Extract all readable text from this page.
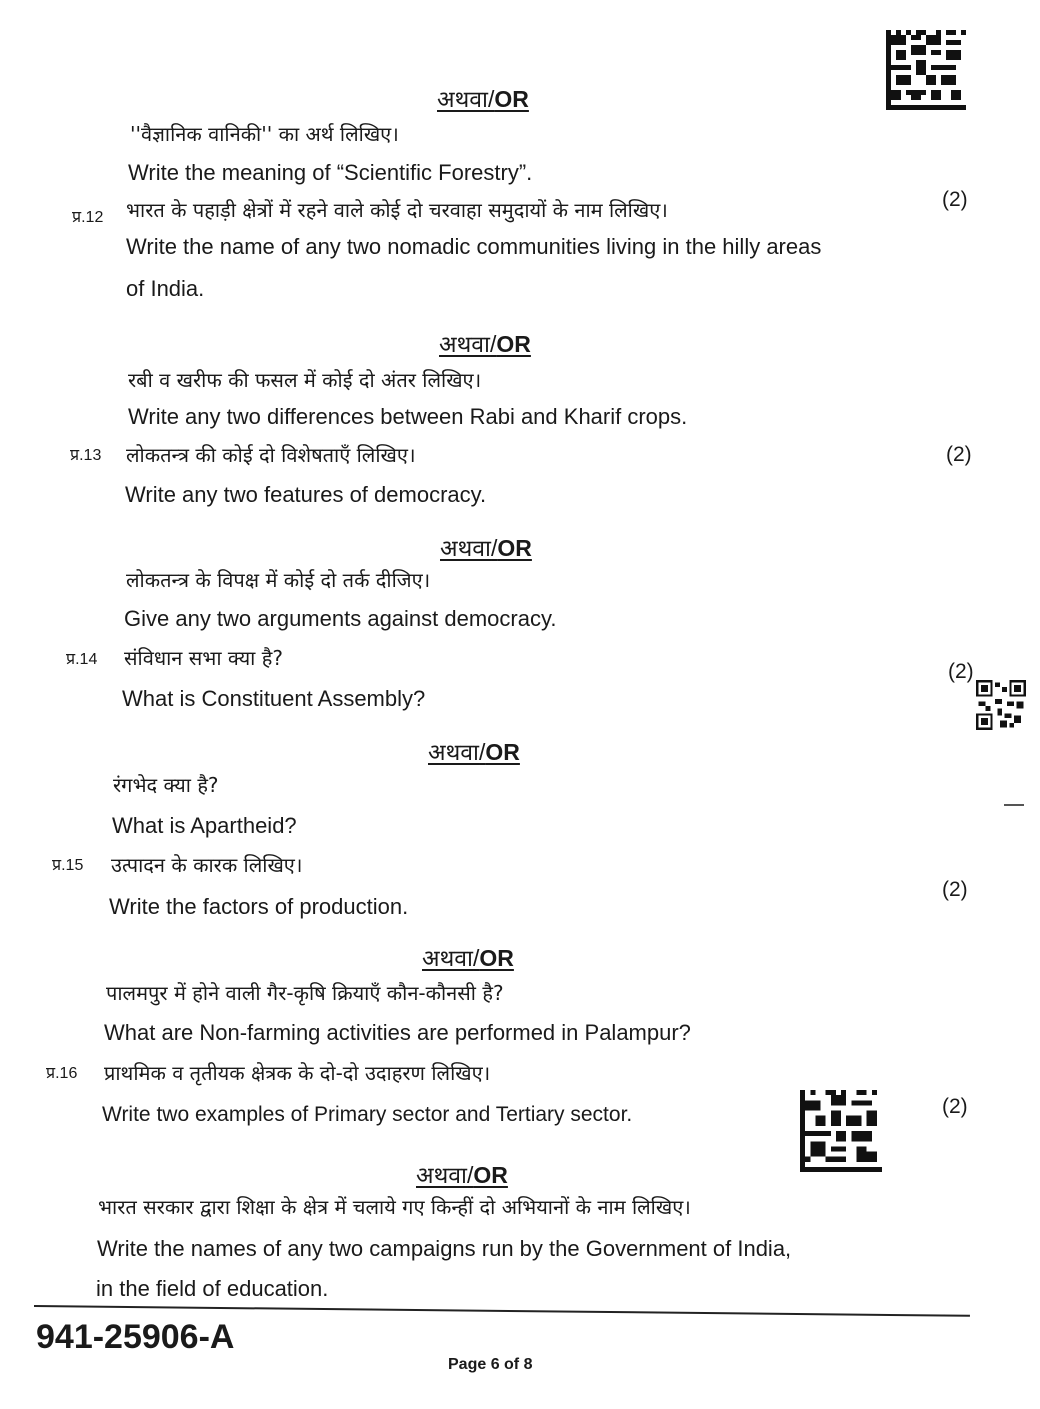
अथवा/OR
''वैज्ञानिक वानिकी'' का अर्थ लिखिए।
Write the meaning of “Scientific Forestry”.
प्र.12 भारत के पहाड़ी क्षेत्रों में रहने वाले कोई दो चरवाहा समुदायों के नाम लिखिए।	(2)
Write the name of any two nomadic communities living in the hilly areas
of India.
अथवा/OR
रबी व खरीफ की फसल में कोई दो अंतर लिखिए।
Write any two differences between Rabi and Kharif crops.
प्र.13 लोकतन्त्र की कोई दो विशेषताएँ लिखिए।	(2)
Write any two features of democracy.
अथवा/OR
लोकतन्त्र के विपक्ष में कोई दो तर्क दीजिए।
Give any two arguments against democracy.
प्र.14 संविधान सभा क्या है?
(2)
What is Constituent Assembly?
अथवा/OR
रंगभेद क्या है?
What is Apartheid?
प्र.15 उत्पादन के कारक लिखिए।
(2)
Write the factors of production.
अथवा/OR
पालमपुर में होने वाली गैर-कृषि क्रियाएँ कौन-कौनसी है?
What are Non-farming activities are performed in Palampur?
प्र.16 प्राथमिक व तृतीयक क्षेत्रक के दो-दो उदाहरण लिखिए।
(2)
Write two examples of Primary sector and Tertiary sector.
अथवा/OR
भारत सरकार द्वारा शिक्षा के क्षेत्र में चलाये गए किन्हीं दो अभियानों के नाम लिखिए।
Write the names of any two campaigns run by the Government of India,
in the field of education.
941-25906-A
Page 6 of 8
